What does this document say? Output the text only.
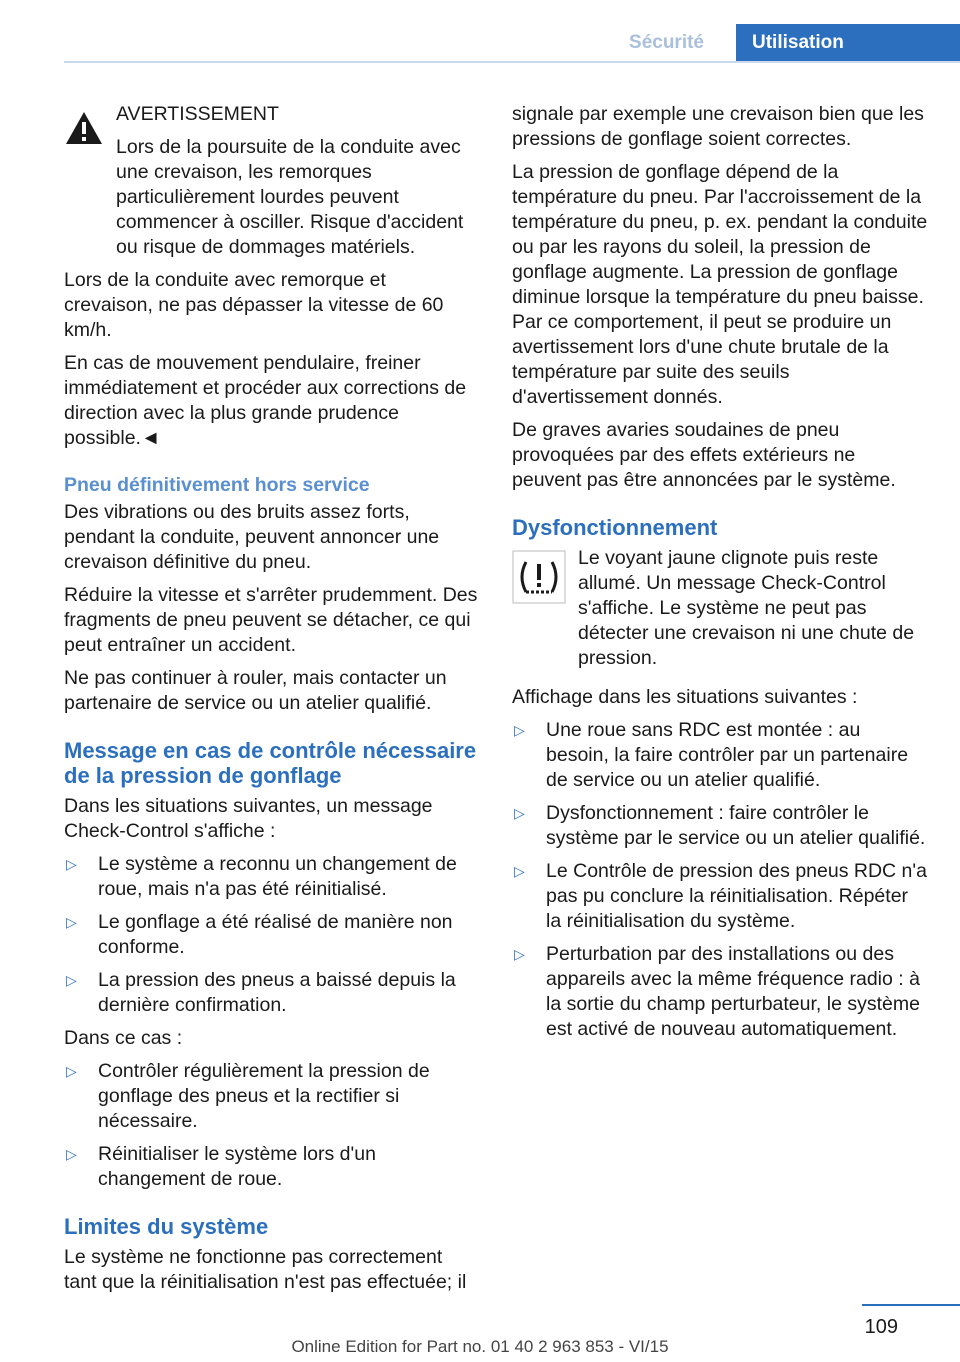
Sécurité	Utilisation

AVERTISSEMENT

Lors de la poursuite de la conduite avec une crevaison, les remorques particulièrement lourdes peuvent commencer à osciller. Risque d'accident ou risque de dommages matériels.

Lors de la conduite avec remorque et crevaison, ne pas dépasser la vitesse de 60 km/h.

En cas de mouvement pendulaire, freiner immédiatement et procéder aux corrections de direction avec la plus grande prudence possible.◄

Pneu définitivement hors service

Des vibrations ou des bruits assez forts, pendant la conduite, peuvent annoncer une crevaison définitive du pneu.

Réduire la vitesse et s'arrêter prudemment. Des fragments de pneu peuvent se détacher, ce qui peut entraîner un accident.

Ne pas continuer à rouler, mais contacter un partenaire de service ou un atelier qualifié.

Message en cas de contrôle nécessaire de la pression de gonflage

Dans les situations suivantes, un message Check-Control s'affiche :

▷ Le système a reconnu un changement de roue, mais n'a pas été réinitialisé.
▷ Le gonflage a été réalisé de manière non conforme.
▷ La pression des pneus a baissé depuis la dernière confirmation.

Dans ce cas :

▷ Contrôler régulièrement la pression de gonflage des pneus et la rectifier si nécessaire.
▷ Réinitialiser le système lors d'un changement de roue.
Limites du système

Le système ne fonctionne pas correctement tant que la réinitialisation n'est pas effectuée; il

signale par exemple une crevaison bien que les pressions de gonflage soient correctes.

La pression de gonflage dépend de la température du pneu. Par l'accroissement de la température du pneu, p. ex. pendant la conduite ou par les rayons du soleil, la pression de gonflage augmente. La pression de gonflage diminue lorsque la température du pneu baisse. Par ce comportement, il peut se produire un avertissement lors d'une chute brutale de la température par suite des seuils d'avertissement donnés.

De graves avaries soudaines de pneu provoquées par des effets extérieurs ne peuvent pas être annoncées par le système.

Dysfonctionnement

Le voyant jaune clignote puis reste allumé. Un message Check-Control s'affiche. Le système ne peut pas détecter une crevaison ni une chute de pression.

Affichage dans les situations suivantes :

▷ Une roue sans RDC est montée : au besoin, la faire contrôler par un partenaire de service ou un atelier qualifié.
▷ Dysfonctionnement : faire contrôler le système par le service ou un atelier qualifié.
▷ Le Contrôle de pression des pneus RDC n'a pas pu conclure la réinitialisation. Répéter la réinitialisation du système.
▷ Perturbation par des installations ou des appareils avec la même fréquence radio : à la sortie du champ perturbateur, le système est activé de nouveau automatiquement.
109
Online Edition for Part no. 01 40 2 963 853 - VI/15
